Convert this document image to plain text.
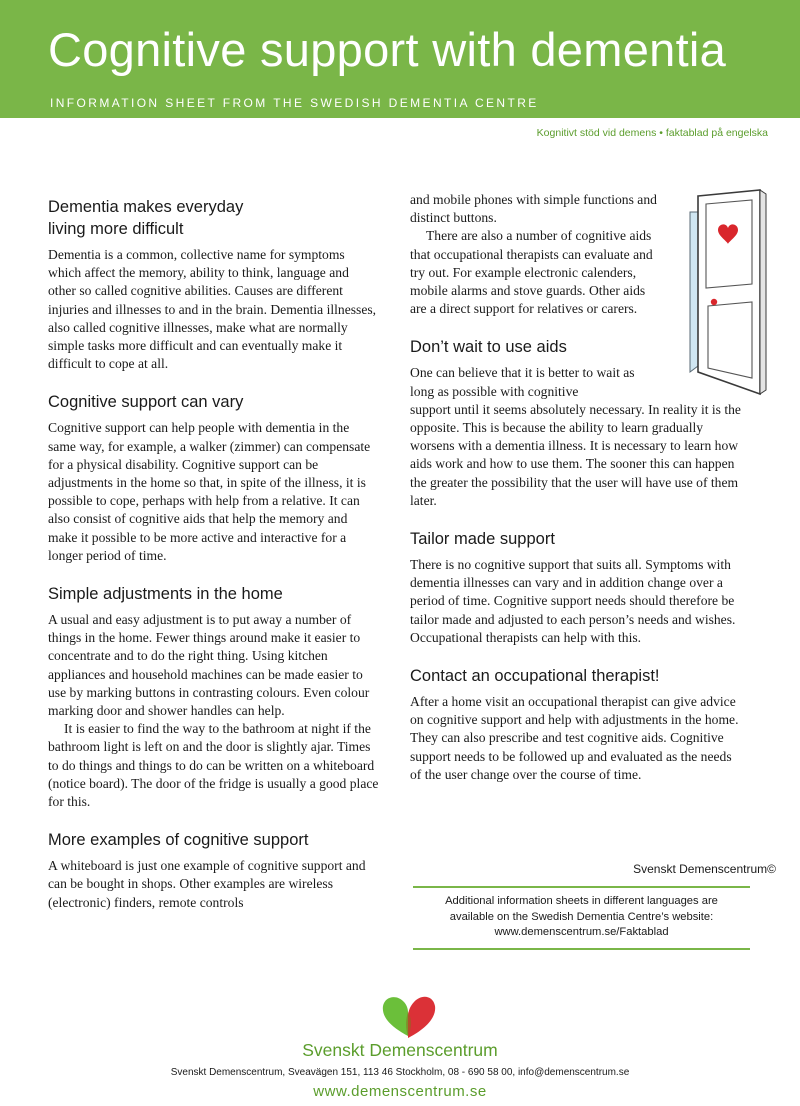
Cognitive support with dementia
INFORMATION SHEET FROM THE SWEDISH DEMENTIA CENTRE
Kognitivt stöd vid demens • faktablad på engelska
Dementia makes everyday
living more difficult

Dementia is a common, collective name for symptoms which affect the memory, ability to think, language and other so called cognitive abilities. Causes are different injuries and illnesses to and in the brain. Dementia illnesses, also called cognitive illnesses, make what are normally simple tasks more difficult and can eventually make it difficult to cope at all.

Cognitive support can vary

Cognitive support can help people with dementia in the same way, for example, a walker (zimmer) can compensate for a physical disability. Cognitive support can be adjustments in the home so that, in spite of the illness, it is possible to cope, perhaps with help from a relative. It can also consist of cognitive aids that help the memory and make it possible to be more active and interactive for a longer period of time.

Simple adjustments in the home

A usual and easy adjustment is to put away a number of things in the home. Fewer things around make it easier to concentrate and to do the right thing. Using kitchen appliances and household machines can be made easier to use by marking buttons in contrasting colours. Even colour marking door and shower handles can help.

It is easier to find the way to the bathroom at night if the bathroom light is left on and the door is slightly ajar. Times to do things and things to do can be written on a whiteboard (notice board). The door of the fridge is usually a good place for this.

More examples of cognitive support

A whiteboard is just one example of cognitive support and can be bought in shops. Other examples are wireless (electronic) finders, remote controls

and mobile phones with simple functions and distinct buttons.

There are also a number of cognitive aids that occupational therapists can evaluate and try out. For example electronic calenders, mobile alarms and stove guards. Other aids are a direct support for relatives or carers.

Don’t wait to use aids

One can believe that it is better to wait as long as possible with cognitive

support until it seems absolutely necessary. In reality it is the opposite. This is because the ability to learn gradually worsens with a dementia illness. It is necessary to learn how aids work and how to use them. The sooner this can happen the greater the possibility that the user will have use of them later.

Tailor made support

There is no cognitive support that suits all. Symptoms with dementia illnesses can vary and in addition change over a period of time. Cognitive support needs should therefore be tailor made and adjusted to each person’s needs and wishes. Occupational therapists can help with this.

Contact an occupational therapist!

After a home visit an occupational therapist can give advice on cognitive support and help with adjustments in the home. They can also prescribe and test cognitive aids. Cognitive support needs to be followed up and evaluated as the needs of the user change over the course of time.

Svenskt Demenscentrum©
Additional information sheets in different languages are
available on the Swedish Dementia Centre’s website:
www.demenscentrum.se/Faktablad
Svenskt Demenscentrum
Svenskt Demenscentrum, Sveavägen 151, 113 46 Stockholm, 08 - 690 58 00, info@demenscentrum.se
www.demenscentrum.se
